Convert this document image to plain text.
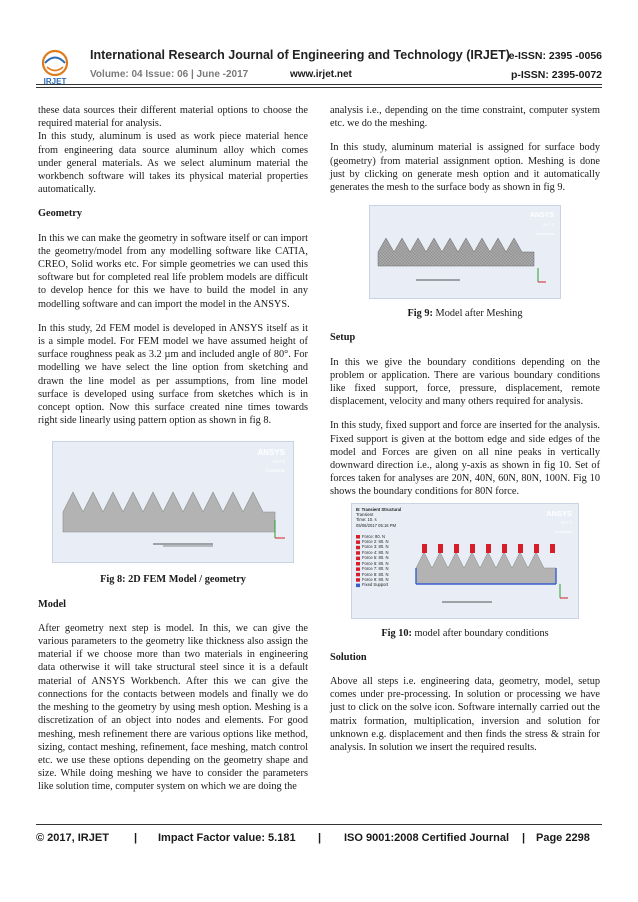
IRJET
International Research Journal of Engineering and Technology (IRJET)
e-ISSN: 2395 -0056
Volume: 04 Issue: 06 | June -2017	www.irjet.net	p-ISSN: 2395-0072

these data sources their different material options to choose the required material for analysis.

In this study, aluminum is used as work piece material hence from engineering data source aluminum alloy which comes under general materials. As we select aluminum material the workbench software will takes its physical material properties automatically.

Geometry

In this we can make the geometry in software itself or can import the geometry/model from any modelling software like CATIA, CREO, Solid works etc. For simple geometries we can used this software but for completed real life problem models are difficult to develop hence for this we have to build the model in any modelling software and can import the model in the ANSYS.

In this study, 2d FEM model is developed in ANSYS itself as it is a simple model. For FEM model we have assumed height of surface roughness peak as 3.2 µm and included angle of 80°. For modelling we have select the line option from sketching and drawn the line model as per assumptions, from line model surface is developed using surface from sketches which is in concept option. Now this surface created nine times towards right side linearly using pattern option as shown in fig 8.

ANSYS
R17.2
Academic
Fig 8: 2D FEM Model / geometry
Model

After geometry next step is model. In this, we can give the various parameters to the geometry like thickness also assign the material if we choose more than two materials in engineering data otherwise it will take structural steel since it is a default material of ANSYS Workbench. After this we can give the connections for the contacts between models and finally we do the meshing to the geometry by using mesh option. Meshing is a discretization of an object into nodes and elements. For good meshing, mesh refinement there are various options like method, sizing, contact meshing, refinement, face meshing, match control etc. we use these options depending on the geometry shape and size. While doing meshing we have to consider the parameters like solution time, computer system on which we are doing the

analysis i.e., depending on the time constraint, computer system etc. we do the meshing.

In this study, aluminum material is assigned for surface body (geometry) from material assignment option. Meshing is done just by clicking on generate mesh option and it automatically generates the mesh to the surface body as shown in fig 9.

ANSYS
R17.2
Academic
Fig 9: Model after Meshing
Setup

In this we give the boundary conditions depending on the problem or application. There are various boundary conditions like fixed support, force, pressure, displacement, remote displacement, velocity and many others required for analysis.

In this study, fixed support and force are inserted for the analysis. Fixed support is given at the bottom edge and side edges of the model and Forces are given on all nine peaks in vertically downward direction i.e., along y-axis as shown in fig 10. Set of forces taken for analyses are 20N, 40N, 60N, 80N, 100N. Fig 10 shows the boundary conditions for 80N force.

B: Transient Structural
Transient
Time: 10. s
05/06/2017 05:16 PM
Force: 80. N
Force 2: 80. N
Force 3: 80. N
Force 4: 80. N
Force 5: 80. N
Force 6: 80. N
Force 7: 80. N
Force 8: 80. N
Force 9: 80. N
Fixed Support
ANSYS
R17.2
Academic
Fig 10: model after boundary conditions
Solution

Above all steps i.e. engineering data, geometry, model, setup comes under pre-processing. In solution or processing we have just to click on the solve icon. Software internally carried out the matrix formation, multiplication, inversion and solution for unknown e.g. displacement and then finds the stress & strain for analysis. In solution we insert the required results.

© 2017, IRJET | Impact Factor value: 5.181 | ISO 9001:2008 Certified Journal | Page 2298
